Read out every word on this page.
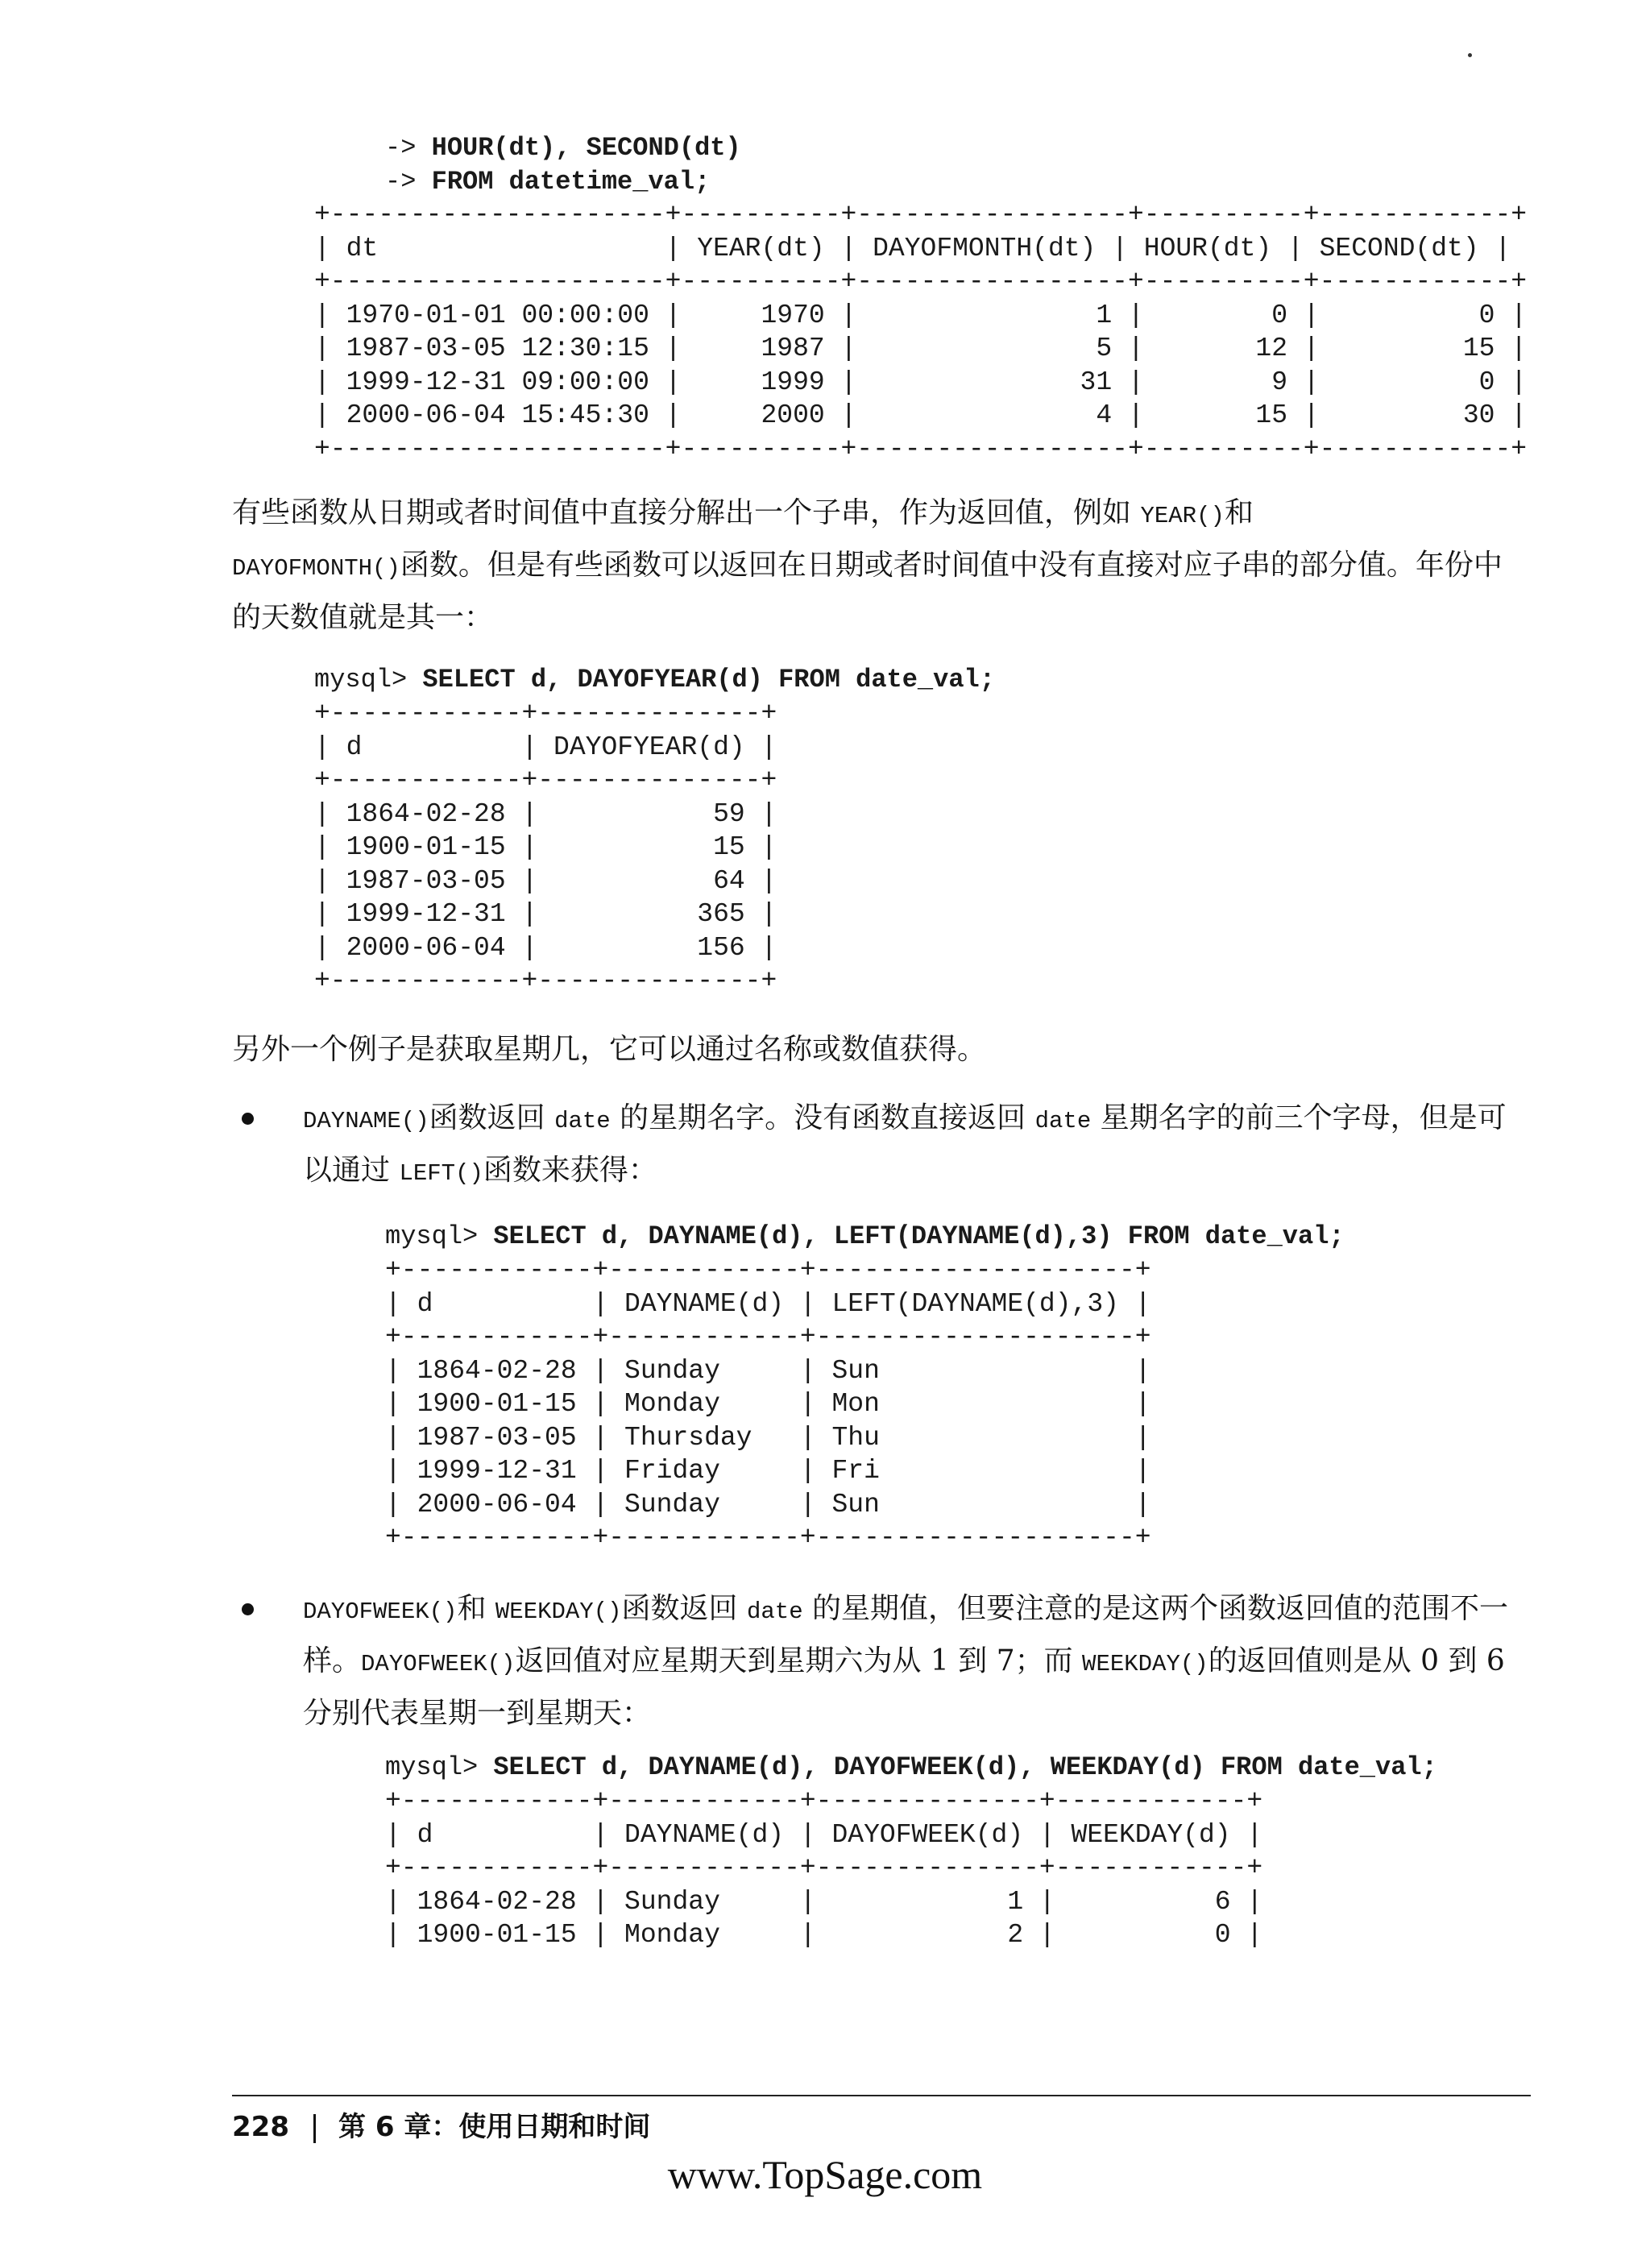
-> HOUR(dt), SECOND(dt)
-> FROM datetime_val;
+---------------------+----------+-----------------+----------+------------+
| dt                  | YEAR(dt) | DAYOFMONTH(dt) | HOUR(dt) | SECOND(dt) |
+---------------------+----------+-----------------+----------+------------+
| 1970-01-01 00:00:00 |     1970 |               1 |        0 |          0 |
| 1987-03-05 12:30:15 |     1987 |               5 |       12 |         15 |
| 1999-12-31 09:00:00 |     1999 |              31 |        9 |          0 |
| 2000-06-04 15:45:30 |     2000 |               4 |       15 |         30 |
+---------------------+----------+-----------------+----------+------------+

有些函数从日期或者时间值中直接分解出一个子串，作为返回值，例如 YEAR()和
DAYOFMONTH()函数。但是有些函数可以返回在日期或者时间值中没有直接对应子串的部分值。年份中的天数值就是其一：

mysql> SELECT d, DAYOFYEAR(d) FROM date_val;
+------------+--------------+
| d          | DAYOFYEAR(d) |
+------------+--------------+
| 1864-02-28 |           59 |
| 1900-01-15 |           15 |
| 1987-03-05 |           64 |
| 1999-12-31 |          365 |
| 2000-06-04 |          156 |
+------------+--------------+

另外一个例子是获取星期几，它可以通过名称或数值获得。

DAYNAME()函数返回 date 的星期名字。没有函数直接返回 date 星期名字的前三个字母，但是可以通过 LEFT()函数来获得：

mysql> SELECT d, DAYNAME(d), LEFT(DAYNAME(d),3) FROM date_val;
+------------+------------+--------------------+
| d          | DAYNAME(d) | LEFT(DAYNAME(d),3) |
+------------+------------+--------------------+
| 1864-02-28 | Sunday     | Sun                |
| 1900-01-15 | Monday     | Mon                |
| 1987-03-05 | Thursday   | Thu                |
| 1999-12-31 | Friday     | Fri                |
| 2000-06-04 | Sunday     | Sun                |
+------------+------------+--------------------+

DAYOFWEEK()和 WEEKDAY()函数返回 date 的星期值，但要注意的是这两个函数返回值的范围不一样。DAYOFWEEK()返回值对应星期天到星期六为从 1 到 7；而 WEEKDAY()的返回值则是从 0 到 6 分别代表星期一到星期天：

mysql> SELECT d, DAYNAME(d), DAYOFWEEK(d), WEEKDAY(d) FROM date_val;
+------------+------------+--------------+------------+
| d          | DAYNAME(d) | DAYOFWEEK(d) | WEEKDAY(d) |
+------------+------------+--------------+------------+
| 1864-02-28 | Sunday     |            1 |          6 |
| 1900-01-15 | Monday     |            2 |          0 |
228 第 6 章：使用日期和时间
www.TopSage.com
